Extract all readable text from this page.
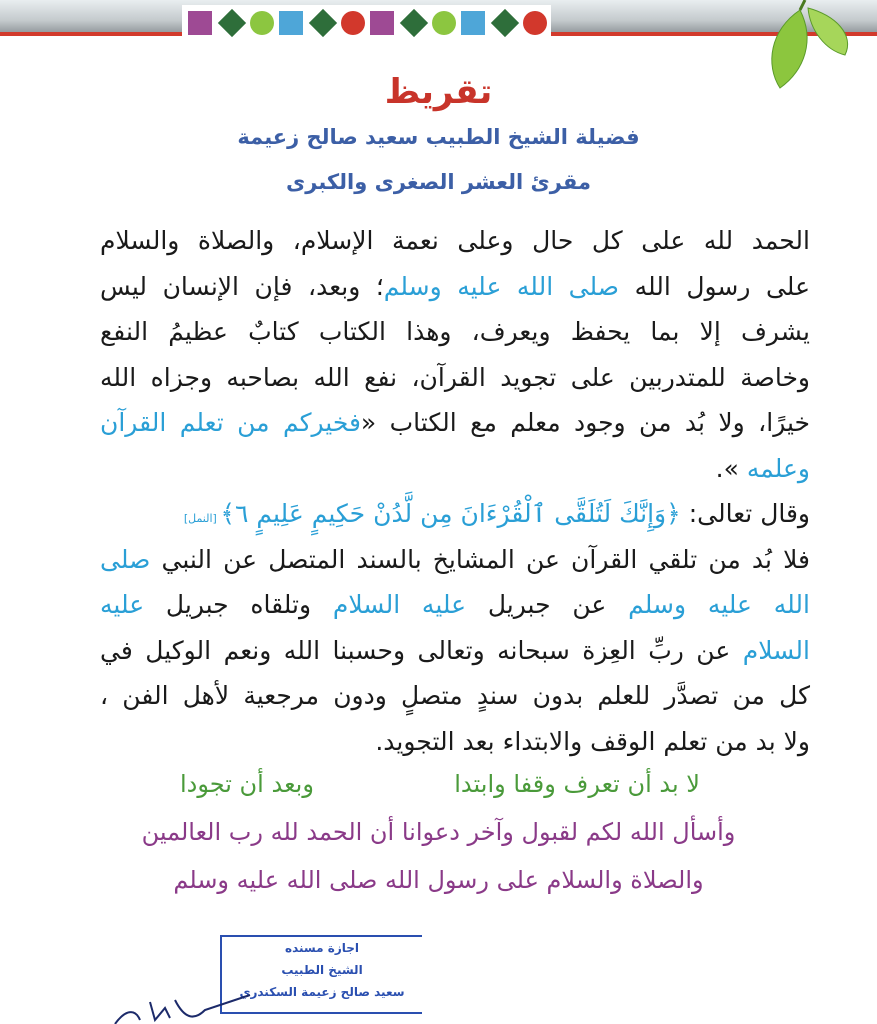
تقريظ
فضيلة الشيخ الطبيب سعيد صالح زعيمة
مقرئ العشر الصغرى والكبرى
الحمد لله على كل حال وعلى نعمة الإسلام، والصلاة والسلام
على رسول الله صلى الله عليه وسلم؛ وبعد، فإن الإنسان ليس
يشرف إلا بما يحفظ ويعرف، وهذا الكتاب كتابٌ عظيمُ النفع
وخاصة للمتدربين على تجويد القرآن، نفع الله بصاحبه وجزاه الله
خيرًا، ولا بُد من وجود معلم مع الكتاب «فخيركم من تعلم القرآن
وعلمه ».
وقال تعالى: ﴿وَإِنَّكَ لَتُلَقَّى ٱلْقُرْءَانَ مِن لَّدُنْ حَكِيمٍ عَلِيمٍ ٦﴾ [النمل]
فلا بُد من تلقي القرآن عن المشايخ بالسند المتصل عن النبي صلى
الله عليه وسلم عن جبريل عليه السلام وتلقاه جبريل عليه
السلام عن ربِّ العِزة سبحانه وتعالى وحسبنا الله ونعم الوكيل في
كل من تصدَّر للعلم بدون سندٍ متصلٍ ودون مرجعية لأهل الفن ،
ولا بد من تعلم الوقف والابتداء بعد التجويد.
لا بد أن تعرف وقفا وابتدا
وبعد أن تجودا
وأسأل الله لكم لقبول وآخر دعوانا أن الحمد لله رب العالمين
والصلاة والسلام على رسول الله صلى الله عليه وسلم
اجازة مسنده
الشيخ الطبيب
سعيد صالح زعيمة السكندري
